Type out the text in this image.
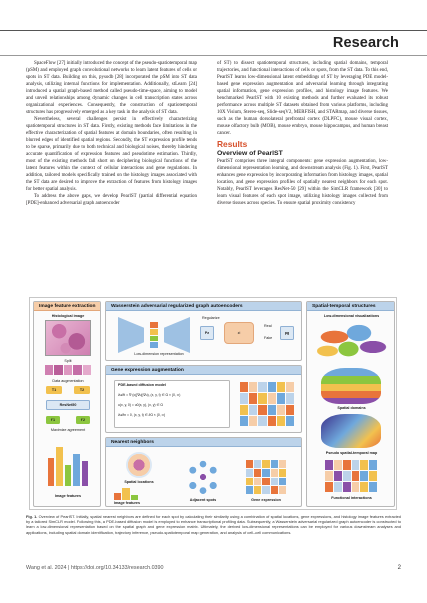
Research

SpaceFlow [27] initially introduced the concept of the pseudo-spatiotemporal map (pSM) and employed graph convolutional networks to learn latent features of cells or spots in ST data. Building on this, pysodb [28] incorporated the pSM into ST data analysis, utilizing internal functions for implementation. Additionally, stLearn [24] introduced a spatial graph-based method called pseudo-time-space, aiming to model and unveil relationships among dynamic changes in cell transcription states across organizational experiences. Consequently, the construction of spatiotemporal structures has progressively emerged as a key task in the analysis of ST data.

Nevertheless, several challenges persist in effectively characterizing spatiotemporal structures in ST data. Firstly, existing methods face limitations in the effective characterization of spatial features at domain boundaries, often resulting in blurred edges of identified spatial regions. Secondly, the ST expression profile tends to be sparse, primarily due to both technical and biological noises, thereby hindering accurate quantification of expression features and pseudotime estimation. Thirdly, most of the existing methods fall short on deciphering biological functions of the latent features within the context of cellular interactions and gene regulations. In addition, tailored models specifically trained on the histology images associated with the ST data are desired to improve the extraction of features from histology images for better spatial analysis.

To address the above gaps, we develop PearlST (partial differential equation [PDE]-enhanced adversarial graph autoencoder

of ST) to dissect spatiotemporal structures, including spatial domains, temporal trajectories, and functional interactions of cells or spots, from the ST data. To this end, PearlST learns low-dimensional latent embeddings of ST by leveraging PDE model-based gene expression augmentation and adversarial learning through integrating spatial information, gene expression profiles, and histology image features. We benchmarked PearlST with 10 existing methods and further evaluated its robust performance across multiple ST datasets obtained from various platforms, including 10X Visium, Stereo-seq, Slide-seqV2, MERFISH, and STARmap, and diverse tissues, such as the human dorsolateral prefrontal cortex (DLPFC), mouse visual cortex, mouse olfactory bulb (MOB), mouse embryo, mouse hippocampus, and human breast cancer.

Results
Overview of PearlST

PearlST comprises three integral components: gene expression augmentation, low-dimensional representation learning, and downstream analysis (Fig. 1). First, PearlST enhances gene expression by incorporating information from histology images, spatial location, and gene expression profiles of spatially nearest neighbors for each spot. Notably, PearlST leverages ResNet-50 [29] within the SimCLR framework [30] to learn visual features of each spot image, utilizing histology images collected from diverse tissues across species. To ensure spatial proximity consistency

Image feature extraction
Histological image
Split
Data augmentation
T1	T2
ResNet50
f'1	f'2
Maximize agreement
Image features
Wasserstein adversarial regularized graph autoencoders
Low-dimension representation
Regularize
Pz	zi
Real
Fake
pg
Gene expression augmentation
PDE-based diffusion model
∂u/∂t = ∇·(c(|∇u|)∇u), (x, y, t) ∈ Ω × (0, ∞)
u(x, y, 0) = u0(x, y), (x, y) ∈ Ω
∂u/∂n = 0, (x, y, t) ∈ ∂Ω × (0, ∞)
Nearest neighbors
Spatial locations
Image features
Adjacent spots	Gene expression
Spatial-temporal structures
Low-dimensional visualizations
Spatial domains
Pseudo spatial-temporal map
Functional interactions
Fig. 1. Overview of PearlST. Initially, spatial nearest neighbors are defined for each spot by calculating their similarity using a combination of spatial locations, gene expressions, and histology image features extracted by a tailored SimCLR model. Following this, a PDE-based diffusion model is employed to enhance transcriptional profiling data. Subsequently, a Wasserstein adversarial regularized graph autoencoder is constructed to learn a low-dimensional representation based on the spatial graph and gene expression matrix. Ultimately, the derived low-dimensional representations can be employed for various downstream analyses and applications, including spatial domain identification, trajectory inference, pseudo-spatiotemporal map generation, and analysis of cell–cell communications.
Wang et al. 2024 | https://doi.org/10.34133/research.0390	2
